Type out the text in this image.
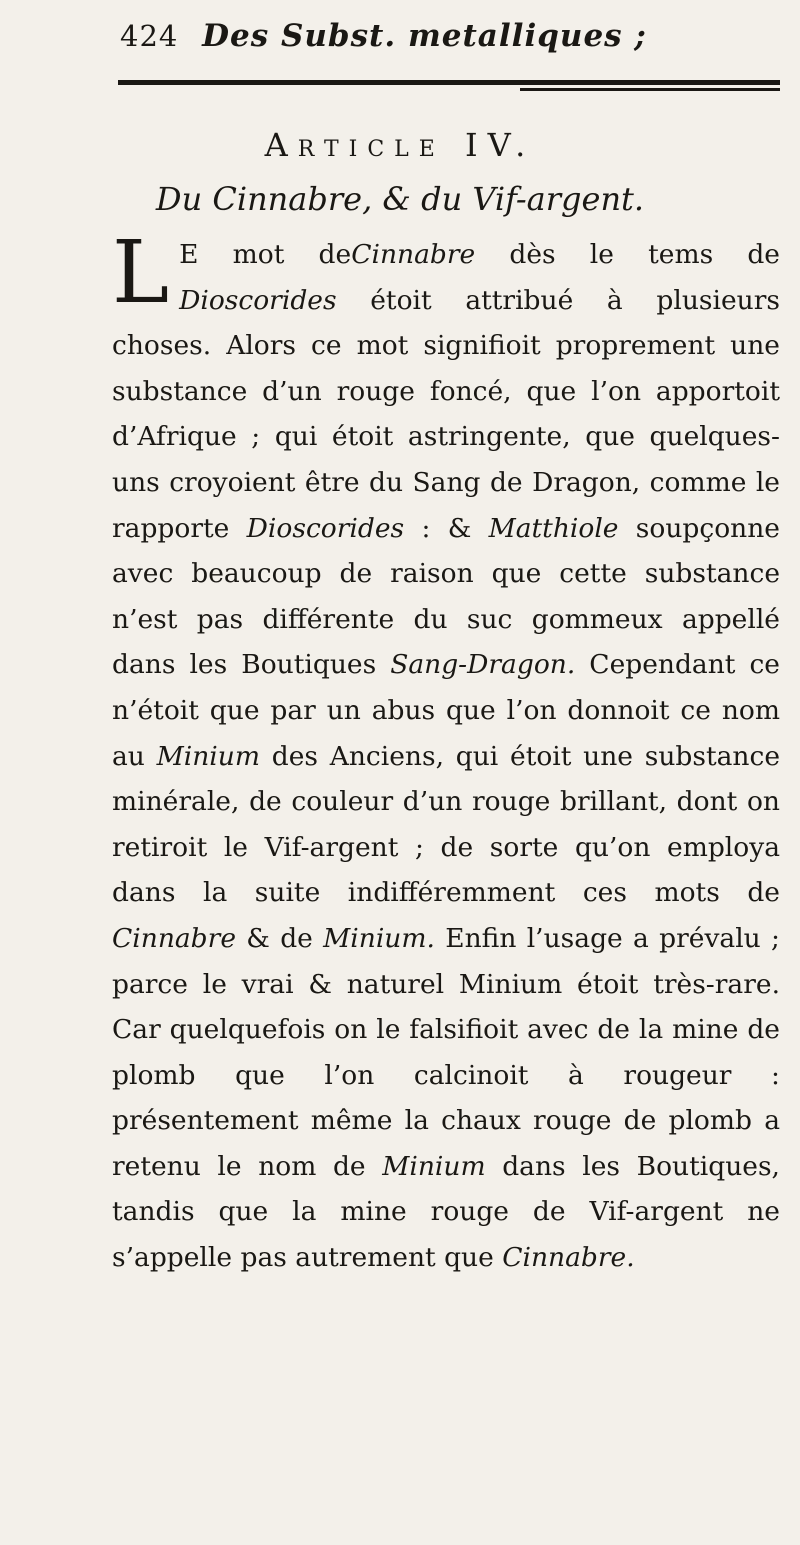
424 Des Subst. metalliques ;
Article IV.
Du Cinnabre, & du Vif-argent.

L E mot deCinnabre dès le tems de Dioscorides étoit attribué à plusieurs choses. Alors ce mot signifioit proprement une substance d’un rouge foncé, que l’on apportoit d’Afrique ; qui étoit astringente, que quelques-uns croyoient être du Sang de Dragon, comme le rapporte Dioscorides : & Matthiole soupçonne avec beaucoup de raison que cette substance n’est pas différente du suc gommeux appellé dans les Boutiques Sang-Dragon. Cependant ce n’étoit que par un abus que l’on donnoit ce nom au Minium des Anciens, qui étoit une substance minérale, de couleur d’un rouge brillant, dont on retiroit le Vif-argent ; de sorte qu’on employa dans la suite indifféremment ces mots de Cinnabre & de Minium. Enfin l’usage a prévalu ; parce le vrai & naturel Minium étoit très-rare. Car quelquefois on le falsifioit avec de la mine de plomb que l’on calcinoit à rougeur : présentement même la chaux rouge de plomb a retenu le nom de Minium dans les Boutiques, tandis que la mine rouge de Vif-argent ne s’appelle pas autrement que Cinnabre.
